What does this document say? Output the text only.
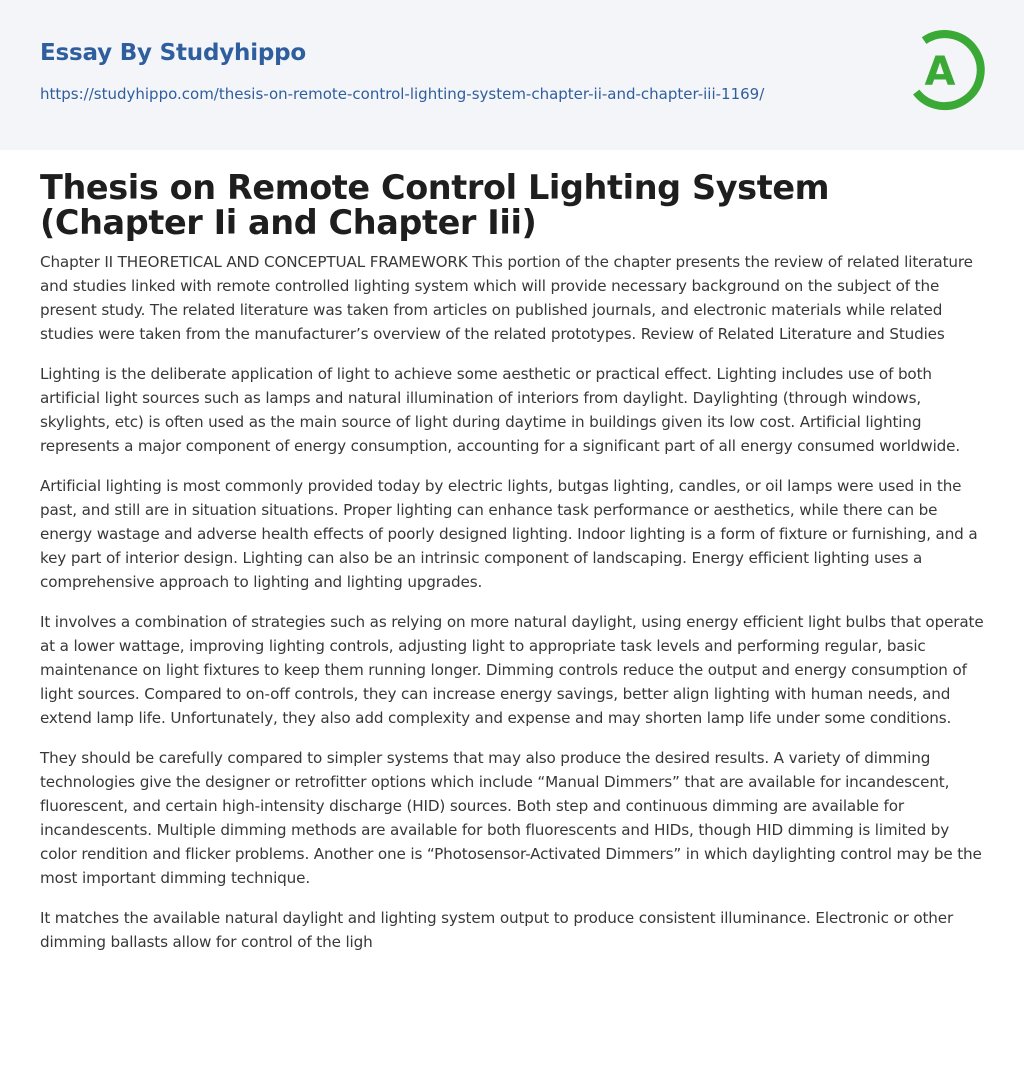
Essay By Studyhippo
https://studyhippo.com/thesis-on-remote-control-lighting-system-chapter-ii-and-chapter-iii-1169/	A
Thesis on Remote Control Lighting System (Chapter Ii and Chapter Iii)

Chapter II THEORETICAL AND CONCEPTUAL FRAMEWORK This portion of the chapter presents the review of related literature and studies linked with remote controlled lighting system which will provide necessary background on the subject of the present study. The related literature was taken from articles on published journals, and electronic materials while related studies were taken from the manufacturer’s overview of the related prototypes. Review of Related Literature and Studies

Lighting is the deliberate application of light to achieve some aesthetic or practical effect. Lighting includes use of both artificial light sources such as lamps and natural illumination of interiors from daylight. Daylighting (through windows, skylights, etc) is often used as the main source of light during daytime in buildings given its low cost. Artificial lighting represents a major component of energy consumption, accounting for a significant part of all energy consumed worldwide.

Artificial lighting is most commonly provided today by electric lights, butgas lighting, candles, or oil lamps were used in the past, and still are in situation situations. Proper lighting can enhance task performance or aesthetics, while there can be energy wastage and adverse health effects of poorly designed lighting. Indoor lighting is a form of fixture or furnishing, and a key part of interior design. Lighting can also be an intrinsic component of landscaping. Energy efficient lighting uses a comprehensive approach to lighting and lighting upgrades.

It involves a combination of strategies such as relying on more natural daylight, using energy efficient light bulbs that operate at a lower wattage, improving lighting controls, adjusting light to appropriate task levels and performing regular, basic maintenance on light fixtures to keep them running longer. Dimming controls reduce the output and energy consumption of light sources. Compared to on-off controls, they can increase energy savings, better align lighting with human needs, and extend lamp life. Unfortunately, they also add complexity and expense and may shorten lamp life under some conditions.

They should be carefully compared to simpler systems that may also produce the desired results. A variety of dimming technologies give the designer or retrofitter options which include “Manual Dimmers” that are available for incandescent, fluorescent, and certain high-intensity discharge (HID) sources. Both step and continuous dimming are available for incandescents. Multiple dimming methods are available for both fluorescents and HIDs, though HID dimming is limited by color rendition and flicker problems. Another one is “Photosensor-Activated Dimmers” in which daylighting control may be the most important dimming technique.

It matches the available natural daylight and lighting system output to produce consistent illuminance. Electronic or other dimming ballasts allow for control of the ligh
